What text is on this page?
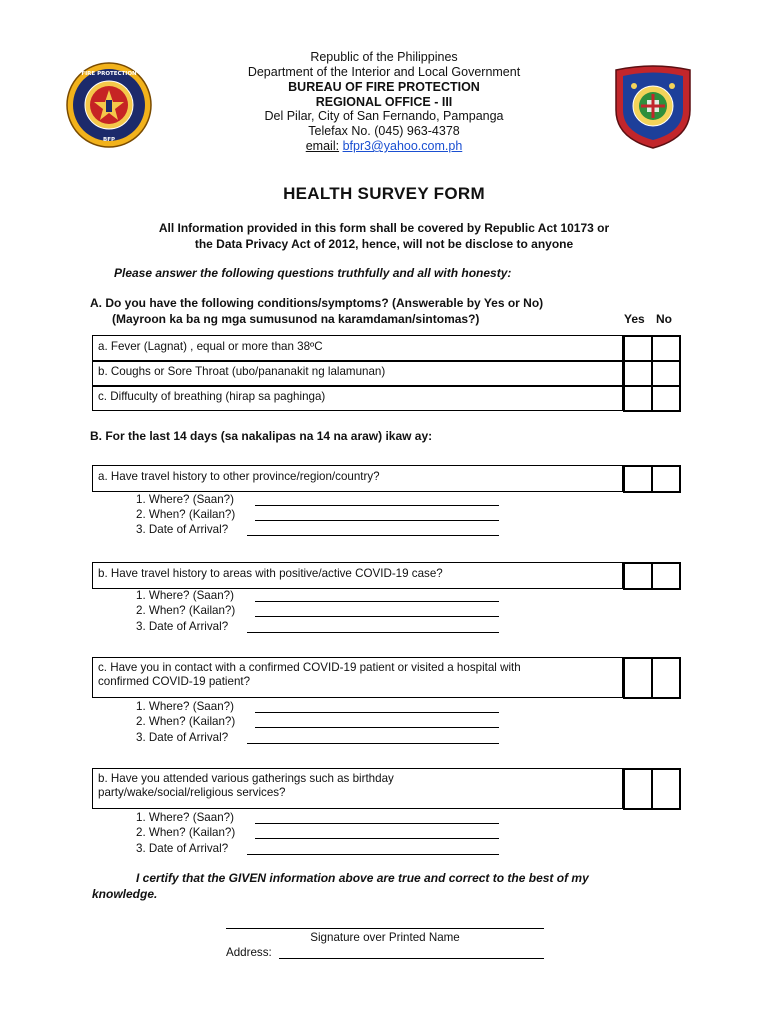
FIRE PROTECTION
BFP
Republic of the Philippines
Department of the Interior and Local Government
BUREAU OF FIRE PROTECTION
REGIONAL OFFICE - III
Del Pilar, City of San Fernando, Pampanga
Telefax No. (045) 963-4378
email: bfpr3@yahoo.com.ph
HEALTH SURVEY FORM
All Information provided in this form shall be covered by Republic Act 10173 or
the Data Privacy Act of 2012, hence, will not be disclose to anyone
Please answer the following questions truthfully and all with honesty:
A. Do you have the following conditions/symptoms? (Answerable by Yes or No)
(Mayroon ka ba ng mga sumusunod na karamdaman/sintomas?)	Yes No
a. Fever (Lagnat) , equal or more than 38ºC
b. Coughs or Sore Throat (ubo/pananakit ng lalamunan)
c. Diffuculty of breathing (hirap sa paghinga)
B. For the last 14 days (sa nakalipas na 14 na araw) ikaw ay:
a. Have travel history to other province/region/country?
1. Where? (Saan?)
2. When? (Kailan?)
3. Date of Arrival?
b. Have travel history to areas with positive/active COVID-19 case?
1. Where? (Saan?)
2. When? (Kailan?)
3. Date of Arrival?
c. Have you in contact with a confirmed COVID-19 patient or visited a hospital with
confirmed COVID-19 patient?
1. Where? (Saan?)
2. When? (Kailan?)
3. Date of Arrival?
b. Have you attended various gatherings such as birthday
party/wake/social/religious services?
1. Where? (Saan?)
2. When? (Kailan?)
3. Date of Arrival?
I certify that the GIVEN information above are true and correct to the best of my
knowledge.
Signature over Printed Name
Address:
